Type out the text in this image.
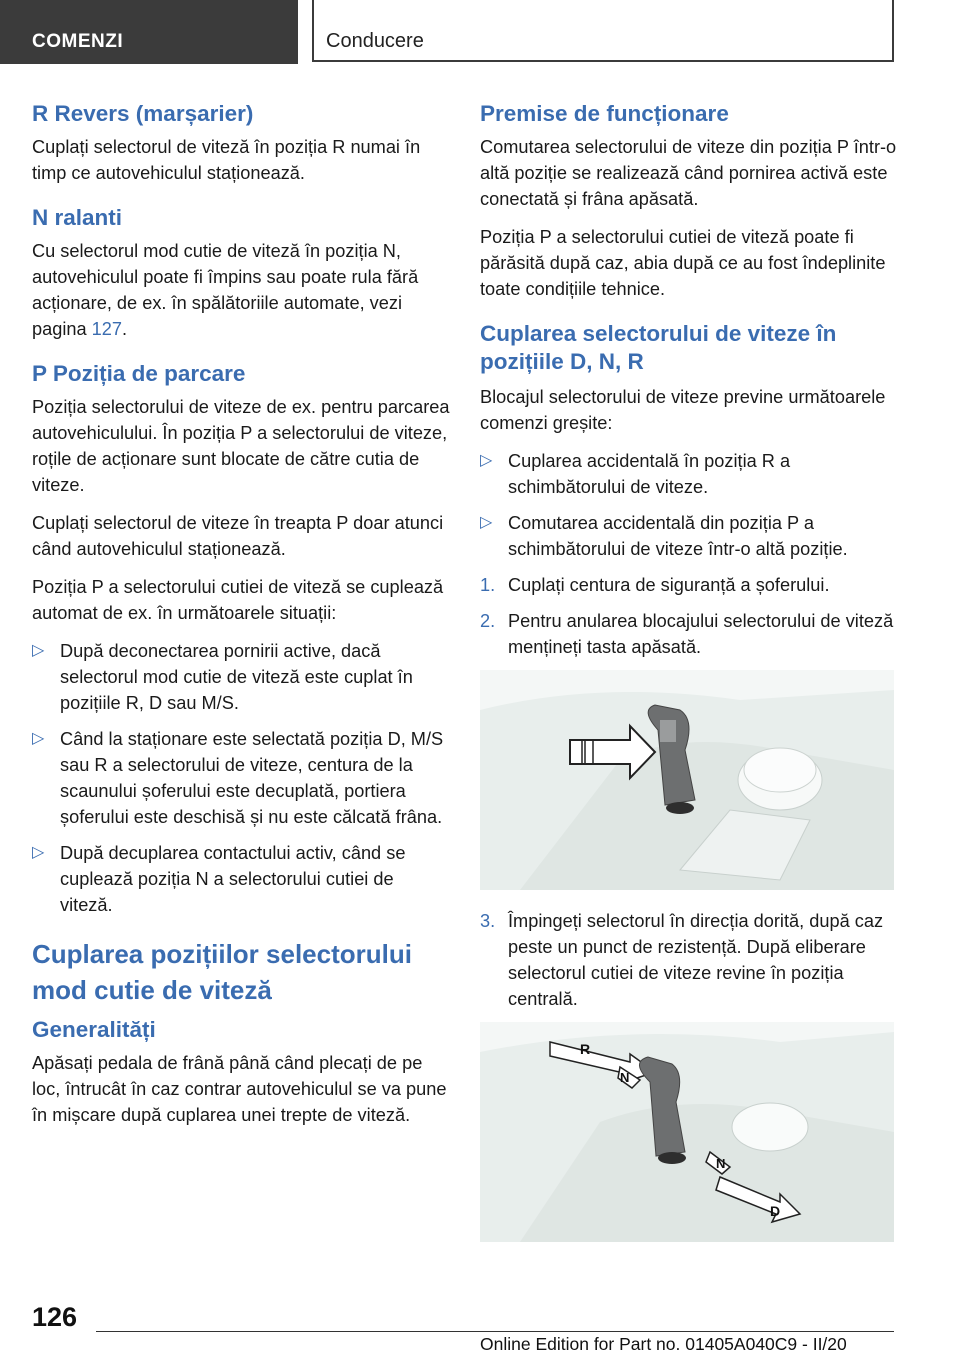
COMENZI	Conducere
R Revers (marșarier)

Cuplați selectorul de viteză în poziția R numai în timp ce autovehiculul staționează.

N ralanti

Cu selectorul mod cutie de viteză în poziția N, autovehiculul poate fi împins sau poate rula fără acționare, de ex. în spălătoriile automate, vezi pagina 127.

P Poziția de parcare

Poziția selectorului de viteze de ex. pentru parcarea autovehiculului. În poziția P a selectorului de viteze, roțile de acționare sunt blocate de către cutia de viteze.

Cuplați selectorul de viteze în treapta P doar atunci când autovehiculul staționează.

Poziția P a selectorului cutiei de viteză se cuplează automat de ex. în următoarele situații:

▷ După deconectarea pornirii active, dacă selectorul mod cutie de viteză este cuplat în pozițiile R, D sau M/S.
▷ Când la staționare este selectată poziția D, M/S sau R a selectorului de viteze, centura de la scaunului șoferului este decuplată, portiera șoferului este deschisă și nu este călcată frâna.
▷ După decuplarea contactului activ, când se cuplează poziția N a selectorului cutiei de viteză.
Cuplarea pozițiilor selectorului mod cutie de viteză
Generalități

Apăsați pedala de frână până când plecați de pe loc, întrucât în caz contrar autovehiculul se va pune în mișcare după cuplarea unei trepte de viteză.

Premise de funcționare

Comutarea selectorului de viteze din poziția P într-o altă poziție se realizează când pornirea activă este conectată și frâna apăsată.

Poziția P a selectorului cutiei de viteză poate fi părăsită după caz, abia după ce au fost îndeplinite toate condițiile tehnice.

Cuplarea selectorului de viteze în pozițiile D, N, R

Blocajul selectorului de viteze previne următoarele comenzi greșite:

▷ Cuplarea accidentală în poziția R a schimbătorului de viteze.
▷ Comutarea accidentală din poziția P a schimbătorului de viteze într-o altă poziție.
1. Cuplați centura de siguranță a șoferului.
2. Pentru anularea blocajului selectorului de viteză mențineți tasta apăsată.
3. Împingeți selectorul în direcția dorită, după caz peste un punct de rezistență. După eliberare selectorul cutiei de viteze revine în poziția centrală.
R
N
N
D
126
Online Edition for Part no. 01405A040C9 - II/20
